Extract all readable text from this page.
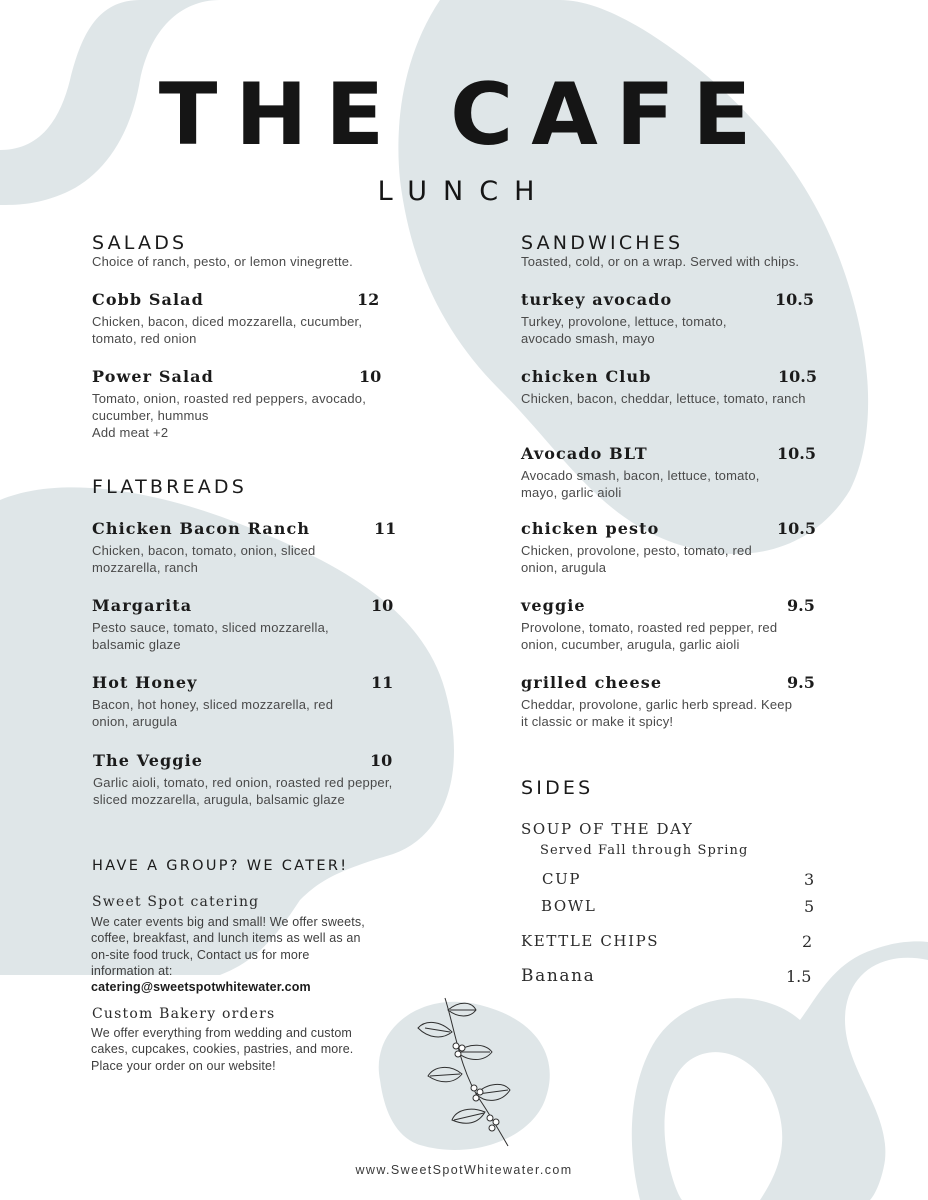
THE CAFE
LUNCH
SALADS
Choice of ranch, pesto, or lemon vinegrette.
Cobb Salad	12
Chicken, bacon, diced mozzarella, cucumber, tomato, red onion
Power Salad	10
Tomato, onion, roasted red peppers, avocado, cucumber, hummus
Add meat +2
FLATBREADS
Chicken Bacon Ranch	11
Chicken, bacon, tomato, onion, sliced mozzarella, ranch
Margarita	10
Pesto sauce, tomato, sliced mozzarella, balsamic glaze
Hot Honey	11
Bacon, hot honey, sliced mozzarella, red onion, arugula
The Veggie	10
Garlic aioli, tomato, red onion, roasted red pepper, sliced mozzarella, arugula, balsamic glaze
HAVE A GROUP? WE CATER!
Sweet Spot catering
We cater events big and small! We offer sweets, coffee, breakfast, and lunch items as well as an on-site food truck, Contact us for more information at: catering@sweetspotwhitewater.com
Custom Bakery orders
We offer everything from wedding and custom cakes, cupcakes, cookies, pastries, and more. Place your order on our website!
SANDWICHES
Toasted, cold, or on a wrap. Served with chips.
turkey avocado	10.5
Turkey, provolone, lettuce, tomato, avocado smash, mayo
chicken Club	10.5
Chicken, bacon, cheddar, lettuce, tomato, ranch
Avocado BLT	10.5
Avocado smash, bacon, lettuce, tomato, mayo, garlic aioli
chicken pesto	10.5
Chicken, provolone, pesto, tomato, red onion, arugula
veggie	9.5
Provolone, tomato, roasted red pepper, red onion, cucumber, arugula, garlic aioli
grilled cheese	9.5
Cheddar, provolone, garlic herb spread. Keep it classic or make it spicy!
SIDES
SOUP OF THE DAY
Served Fall through Spring
CUP	3
BOWL	5
KETTLE CHIPS	2
Banana	1.5
www.SweetSpotWhitewater.com
